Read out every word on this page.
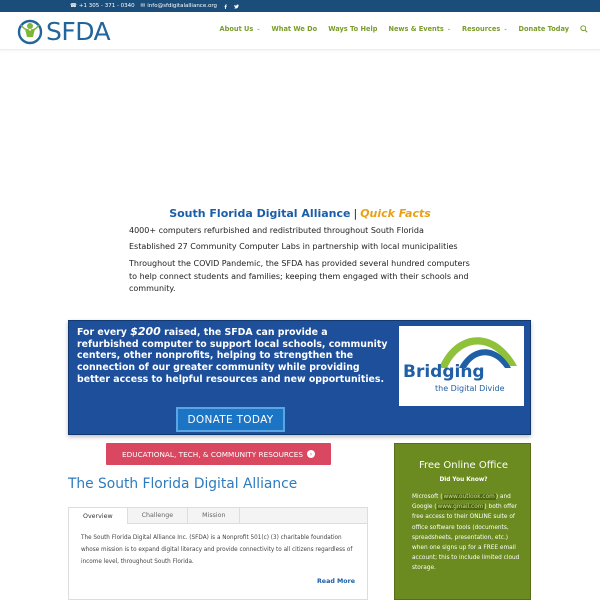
☎ +1 305 - 371 - 0340 ✉ info@sfdigitalalliance.org
SFDA	About Us ⌄ What We Do Ways To Help News & Events ⌄ Resources ⌄ Donate Today
South Florida Digital Alliance | Quick Facts
4000+ computers refurbished and redistributed throughout South Florida
Established 27 Community Computer Labs in partnership with local municipalities
Throughout the COVID Pandemic, the SFDA has provided several hundred computers to help connect students and families; keeping them engaged with their schools and community.
For every $200 raised, the SFDA can provide a refurbished computer to support local schools, community centers, other nonprofits, helping to strengthen the connection of our greater community while providing better access to helpful resources and new opportunities.	Bridging
the Digital Divide
DONATE TODAY
EDUCATIONAL, TECH, & COMMUNITY RESOURCES	›
The South Florida Digital Alliance
Overview	Challenge	Mission
The South Florida Digital Alliance Inc. (SFDA) is a Nonprofit 501(c) (3) charitable foundation whose mission is to expand digital literacy and provide connectivity to all citizens regardless of income level, throughout South Florida.
Read More
Free Online Office
Did You Know?
Microsoft (www.outlook.com) and Google (www.gmail.com) both offer free access to their ONLINE suite of office software tools (documents, spreadsheets, presentation, etc.) when one signs up for a FREE email account; this to include limited cloud storage.
